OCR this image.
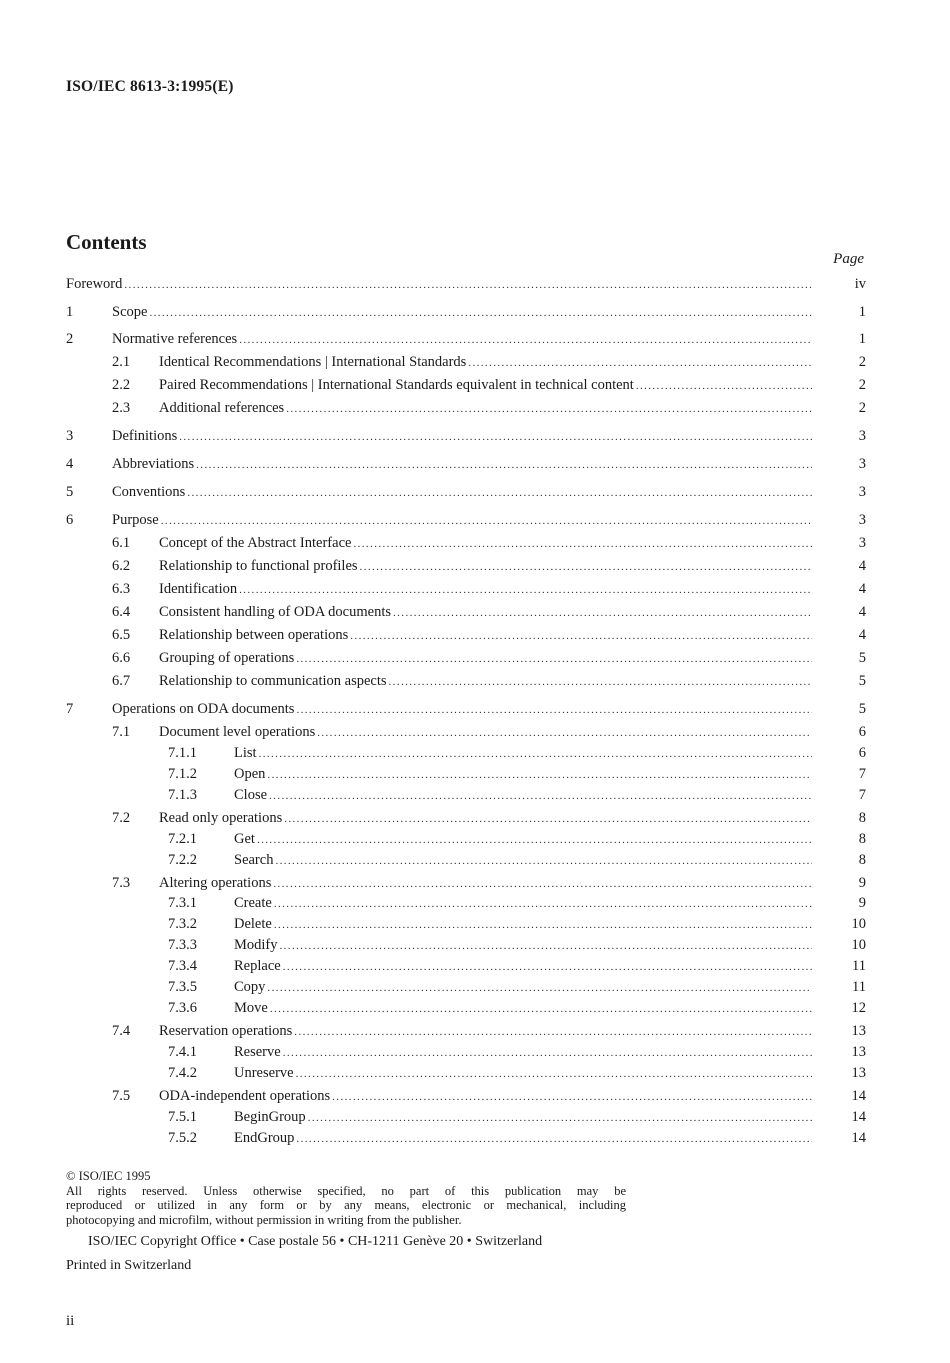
ISO/IEC 8613-3:1995(E)
Contents
Page
Foreword .....	iv
1	Scope .....	1
2	Normative references .....	1
2.1 Identical Recommendations | International Standards .....	2
2.2 Paired Recommendations | International Standards equivalent in technical content .....	2
2.3 Additional references .....	2
3	Definitions .....	3
4	Abbreviations .....	3
5	Conventions .....	3
6	Purpose .....	3
6.1 Concept of the Abstract Interface .....	3
6.2 Relationship to functional profiles .....	4
6.3 Identification .....	4
6.4 Consistent handling of ODA documents .....	4
6.5 Relationship between operations .....	4
6.6 Grouping of operations .....	5
6.7 Relationship to communication aspects .....	5
7	Operations on ODA documents .....	5
7.1 Document level operations .....	6
7.1.1	List .....	6
7.1.2	Open .....	7
7.1.3	Close .....	7
7.2 Read only operations .....	8
7.2.1	Get .....	8
7.2.2	Search .....	8
7.3 Altering operations .....	9
7.3.1	Create .....	9
7.3.2	Delete .....	10
7.3.3	Modify .....	10
7.3.4	Replace .....	11
7.3.5	Copy .....	11
7.3.6	Move .....	12
7.4 Reservation operations .....	13
7.4.1	Reserve .....	13
7.4.2	Unreserve .....	13
7.5 ODA-independent operations .....	14
7.5.1	BeginGroup .....	14
7.5.2	EndGroup .....	14
© ISO/IEC 1995
All rights reserved. Unless otherwise specified, no part of this publication may be
reproduced or utilized in any form or by any means, electronic or mechanical, including
photocopying and microfilm, without permission in writing from the publisher.
ISO/IEC Copyright Office • Case postale 56 • CH-1211 Genève 20 • Switzerland
Printed in Switzerland
ii
